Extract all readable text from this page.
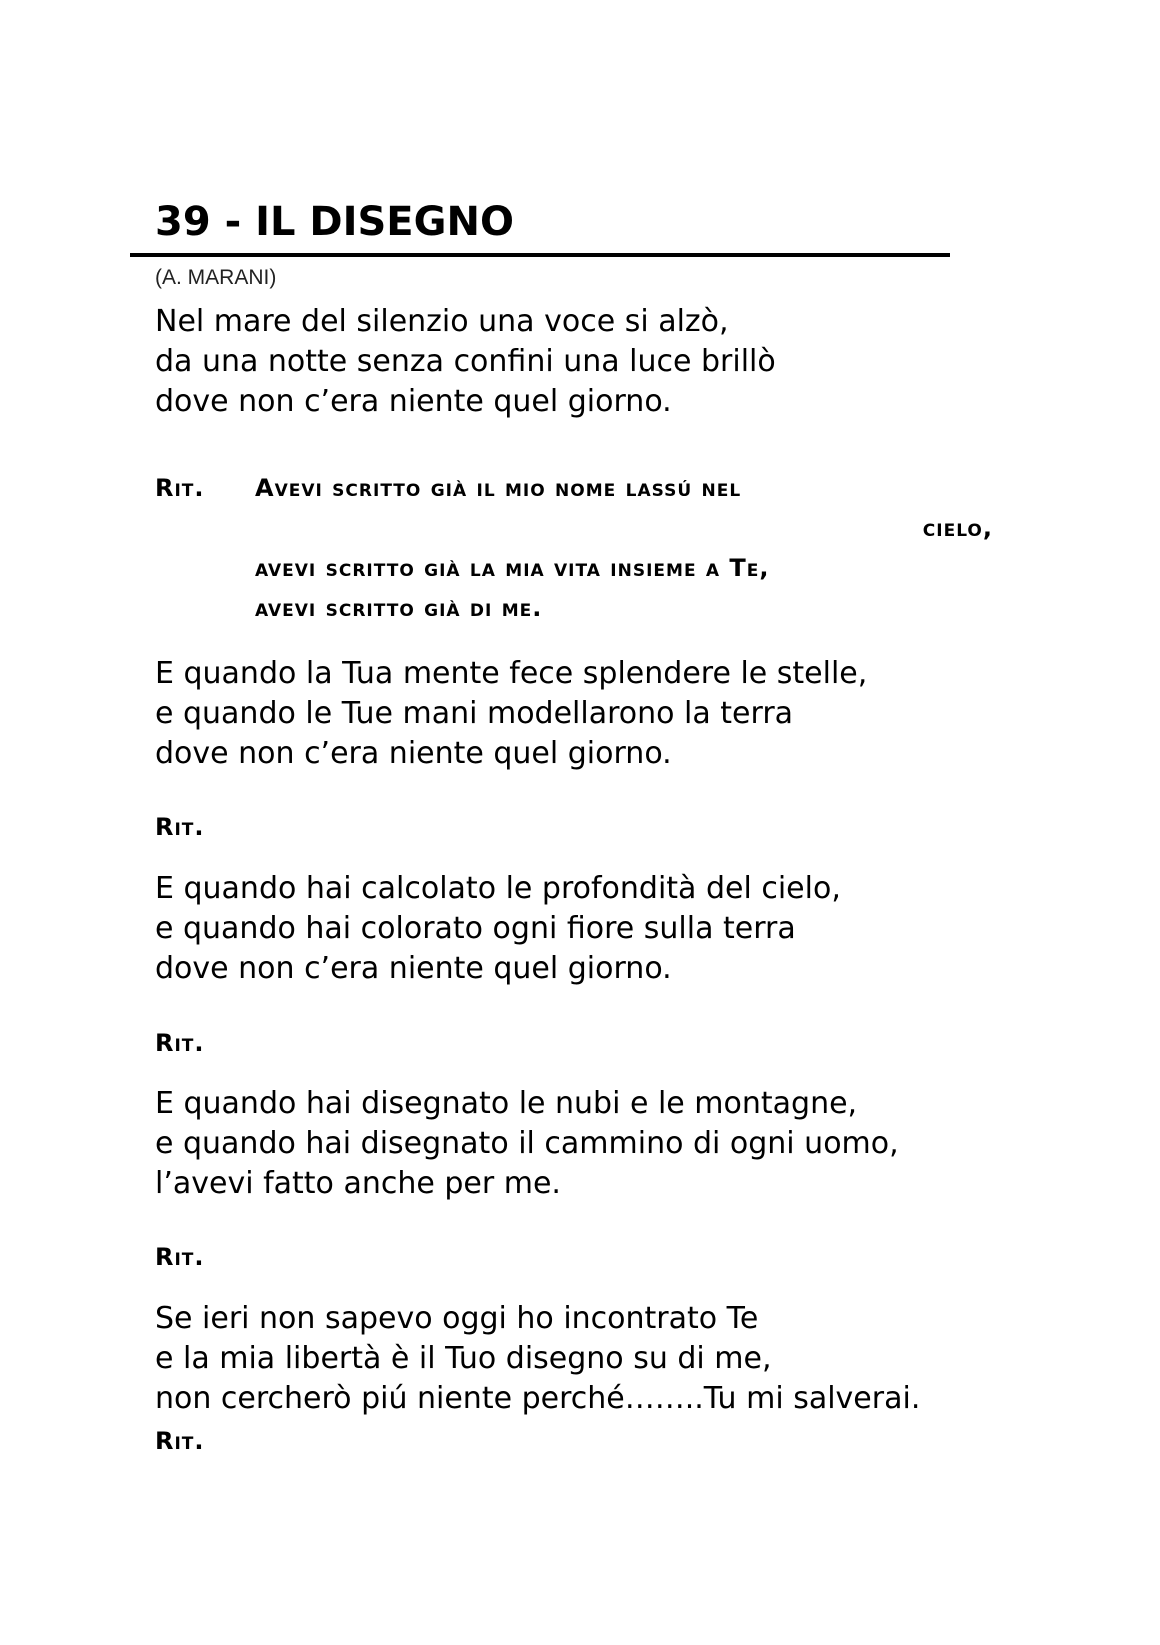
39 - IL DISEGNO
(A. MARANI)
Nel mare del silenzio una voce si alzò,
da una notte senza confini una luce brillò
dove non c’era niente quel giorno.
Rit. Avevi scritto già il mio nome lassú nel
cielo,
avevi scritto già la mia vita insieme a Te,
avevi scritto già di me.
E quando la Tua mente fece splendere le stelle,
e quando le Tue mani modellarono la terra
dove non c’era niente quel giorno.
Rit.
E quando hai calcolato le profondità del cielo,
e quando hai colorato ogni fiore sulla terra
dove non c’era niente quel giorno.
Rit.
E quando hai disegnato le nubi e le montagne,
e quando hai disegnato il cammino di ogni uomo,
l’avevi fatto anche per me.
Rit.
Se ieri non sapevo oggi ho incontrato Te
e la mia libertà è il Tuo disegno su di me,
non cercherò piú niente perché……..Tu mi salverai.
Rit.
